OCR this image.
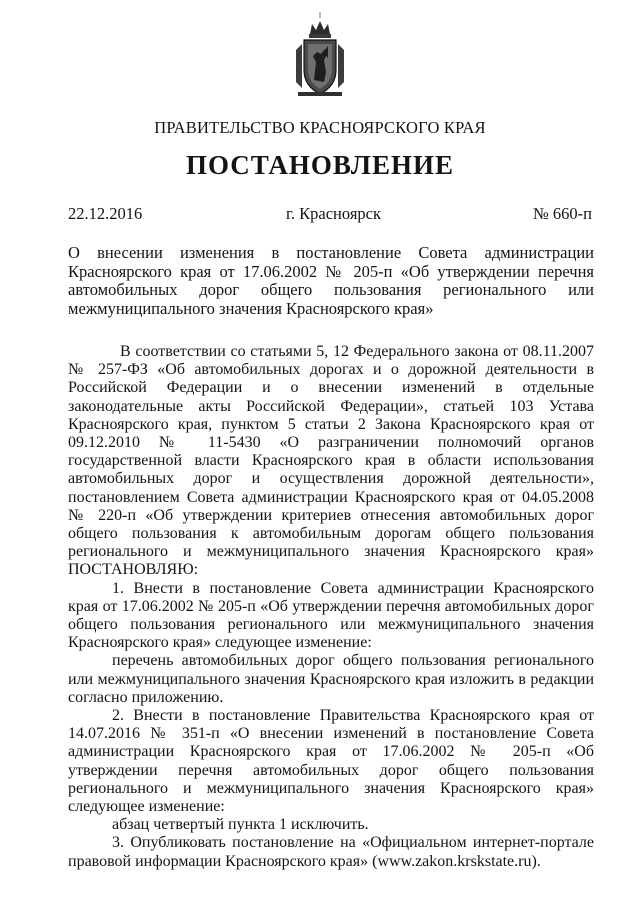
ПРАВИТЕЛЬСТВО КРАСНОЯРСКОГО КРАЯ
ПОСТАНОВЛЕНИЕ
22.12.2016	г. Красноярск	№ 660-п
О внесении изменения в постановление Совета администрации Красноярского края от 17.06.2002 № 205-п «Об утверждении перечня автомобильных дорог общего пользования регионального или межмуниципального значения Красноярского края»

В соответствии со статьями 5, 12 Федерального закона от 08.11.2007 № 257-ФЗ «Об автомобильных дорогах и о дорожной деятельности в Российской Федерации и о внесении изменений в отдельные законодательные акты Российской Федерации», статьей 103 Устава Красноярского края, пунктом 5 статьи 2 Закона Красноярского края от 09.12.2010 № 11-5430 «О разграничении полномочий органов государственной власти Красноярского края в области использования автомобильных дорог и осуществления дорожной деятельности», постановлением Совета администрации Красноярского края от 04.05.2008 № 220-п «Об утверждении критериев отнесения автомобильных дорог общего пользования к автомобильным дорогам общего пользования регионального и межмуниципального значения Красноярского края» ПОСТАНОВЛЯЮ:

1. Внести в постановление Совета администрации Красноярского края от 17.06.2002 № 205-п «Об утверждении перечня автомобильных дорог общего пользования регионального или межмуниципального значения Красноярского края» следующее изменение:

перечень автомобильных дорог общего пользования регионального или межмуниципального значения Красноярского края изложить в редакции согласно приложению.

2. Внести в постановление Правительства Красноярского края от 14.07.2016 № 351-п «О внесении изменений в постановление Совета администрации Красноярского края от 17.06.2002 № 205-п «Об утверждении перечня автомобильных дорог общего пользования регионального и межмуниципального значения Красноярского края» следующее изменение:

абзац четвертый пункта 1 исключить.

3. Опубликовать постановление на «Официальном интернет-портале правовой информации Красноярского края» (www.zakon.krskstate.ru).
